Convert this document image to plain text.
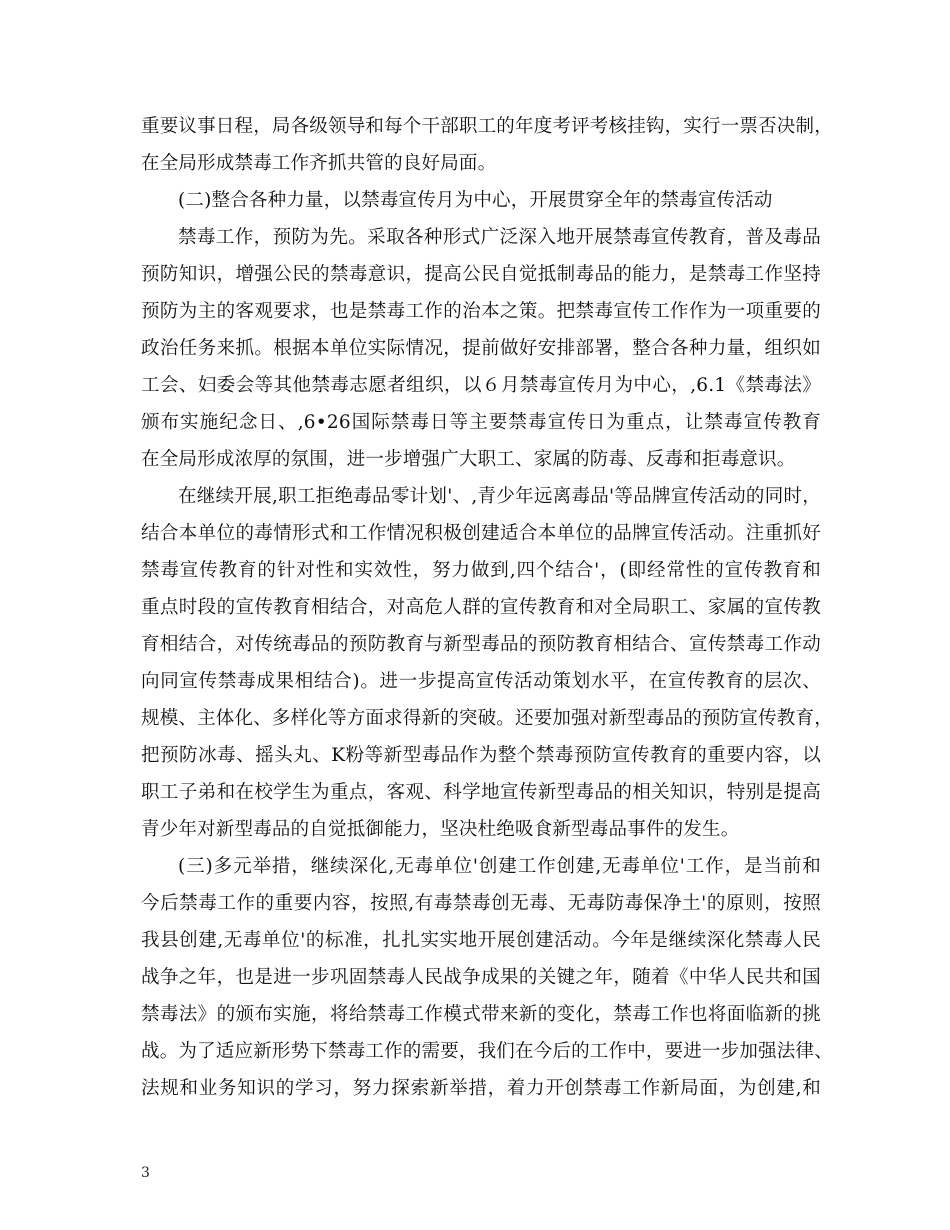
重要议事日程，局各级领导和每个干部职工的年度考评考核挂钩，实行一票否决制，
在全局形成禁毒工作齐抓共管的良好局面。
(二)整合各种力量，以禁毒宣传月为中心，开展贯穿全年的禁毒宣传活动
禁毒工作，预防为先。采取各种形式广泛深入地开展禁毒宣传教育，普及毒品
预防知识，增强公民的禁毒意识，提高公民自觉抵制毒品的能力，是禁毒工作坚持
预防为主的客观要求，也是禁毒工作的治本之策。把禁毒宣传工作作为一项重要的
政治任务来抓。根据本单位实际情况，提前做好安排部署，整合各种力量，组织如
工会、妇委会等其他禁毒志愿者组织，以６月禁毒宣传月为中心，,6.1《禁毒法》
颁布实施纪念日、,6•26国际禁毒日等主要禁毒宣传日为重点，让禁毒宣传教育
在全局形成浓厚的氛围，进一步增强广大职工、家属的防毒、反毒和拒毒意识。
在继续开展,职工拒绝毒品零计划'、,青少年远离毒品'等品牌宣传活动的同时，
结合本单位的毒情形式和工作情况积极创建适合本单位的品牌宣传活动。注重抓好
禁毒宣传教育的针对性和实效性，努力做到,四个结合'，(即经常性的宣传教育和
重点时段的宣传教育相结合，对高危人群的宣传教育和对全局职工、家属的宣传教
育相结合，对传统毒品的预防教育与新型毒品的预防教育相结合、宣传禁毒工作动
向同宣传禁毒成果相结合)。进一步提高宣传活动策划水平，在宣传教育的层次、
规模、主体化、多样化等方面求得新的突破。还要加强对新型毒品的预防宣传教育，
把预防冰毒、摇头丸、K粉等新型毒品作为整个禁毒预防宣传教育的重要内容，以
职工子弟和在校学生为重点，客观、科学地宣传新型毒品的相关知识，特别是提高
青少年对新型毒品的自觉抵御能力，坚决杜绝吸食新型毒品事件的发生。
(三)多元举措，继续深化,无毒单位'创建工作创建,无毒单位'工作，是当前和
今后禁毒工作的重要内容，按照,有毒禁毒创无毒、无毒防毒保净土'的原则，按照
我县创建,无毒单位'的标准，扎扎实实地开展创建活动。今年是继续深化禁毒人民
战争之年，也是进一步巩固禁毒人民战争成果的关键之年，随着《中华人民共和国
禁毒法》的颁布实施，将给禁毒工作模式带来新的变化，禁毒工作也将面临新的挑
战。为了适应新形势下禁毒工作的需要，我们在今后的工作中，要进一步加强法律、
法规和业务知识的学习，努力探索新举措，着力开创禁毒工作新局面，为创建,和
3
